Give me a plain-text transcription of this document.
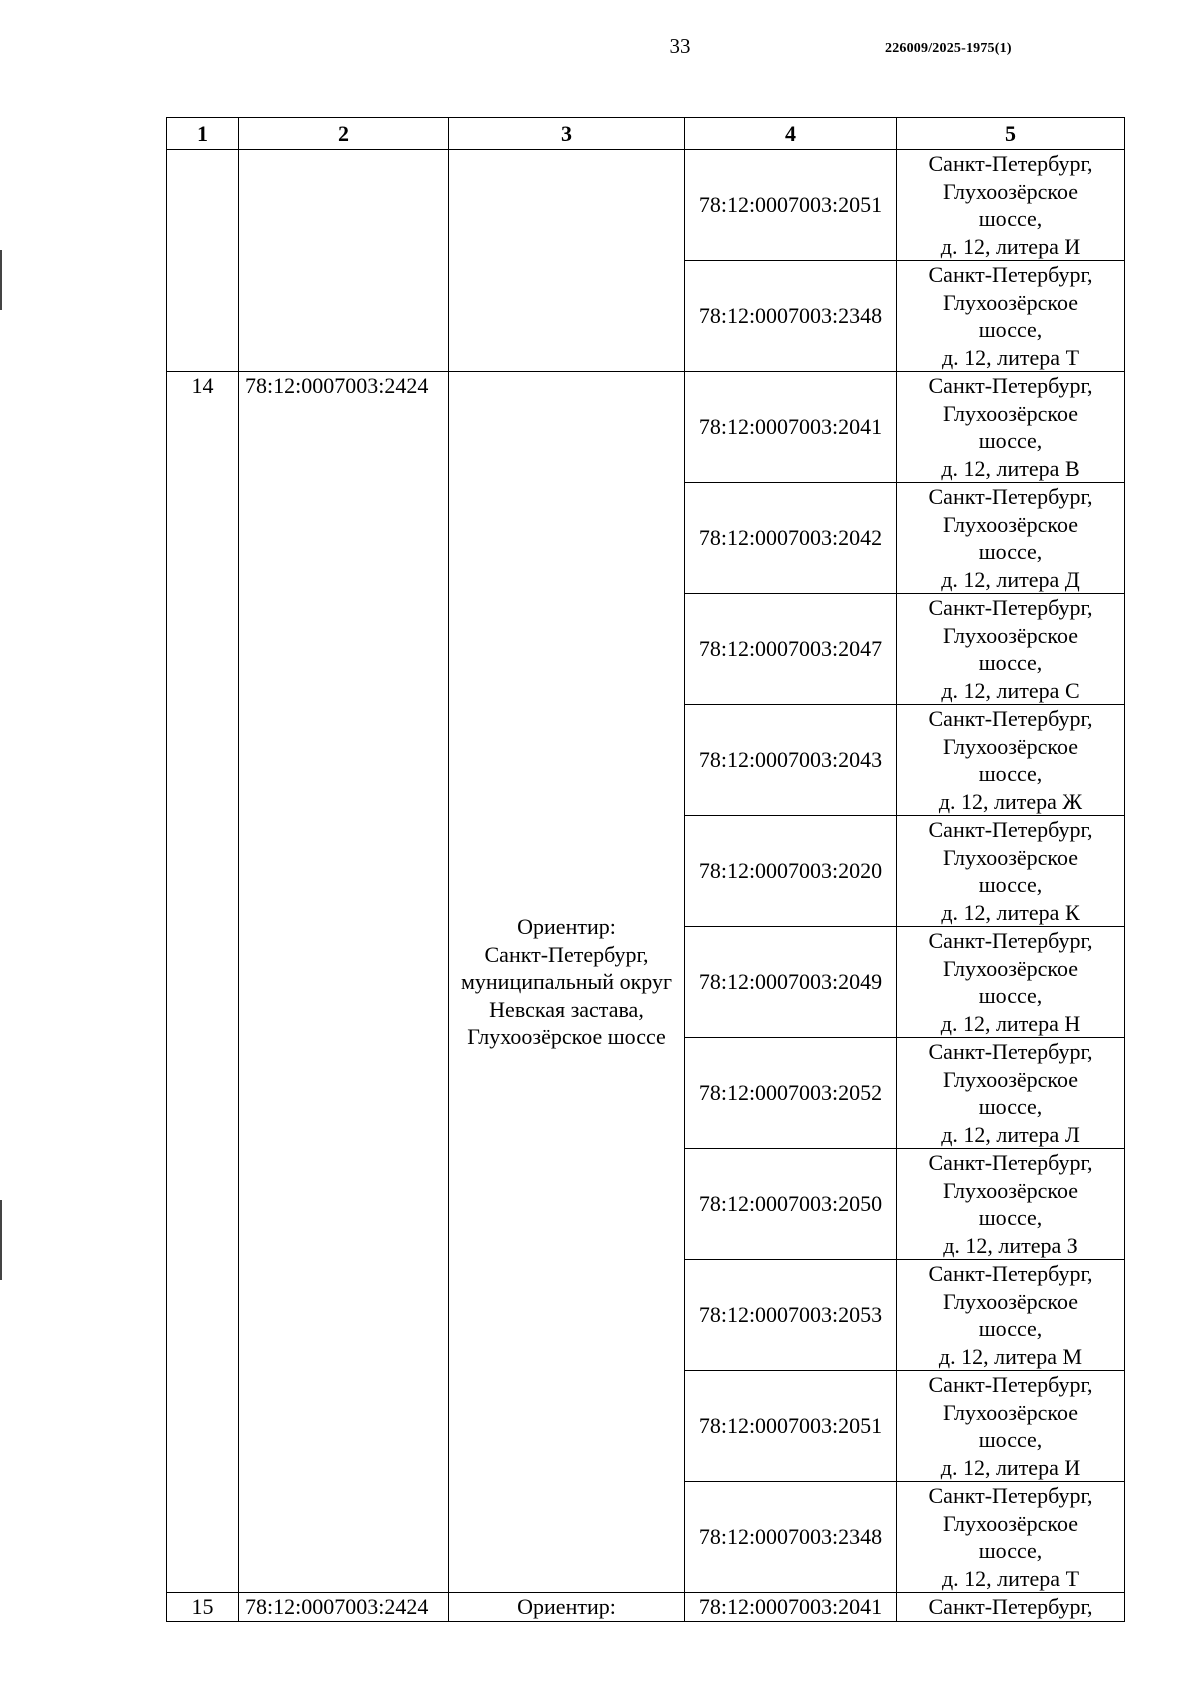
33	226009/2025-1975(1)
1	2	3	4	5
			78:12:0007003:2051	Санкт-Петербург,
Глухоозёрское
шоссе,
д. 12, литера И

			78:12:0007003:2348	Санкт-Петербург,
Глухоозёрское
шоссе,
д. 12, литера Т

14	78:12:0007003:2424	Ориентир:
Санкт-Петербург,
муниципальный округ
Невская застава,
Глухоозёрское шоссе	78:12:0007003:2041	Санкт-Петербург,
Глухоозёрское
шоссе,
д. 12, литера В

			78:12:0007003:2042	Санкт-Петербург,
Глухоозёрское
шоссе,
д. 12, литера Д

			78:12:0007003:2047	Санкт-Петербург,
Глухоозёрское
шоссе,
д. 12, литера С

			78:12:0007003:2043	Санкт-Петербург,
Глухоозёрское
шоссе,
д. 12, литера Ж

			78:12:0007003:2020	Санкт-Петербург,
Глухоозёрское
шоссе,
д. 12, литера К

			78:12:0007003:2049	Санкт-Петербург,
Глухоозёрское
шоссе,
д. 12, литера Н

			78:12:0007003:2052	Санкт-Петербург,
Глухоозёрское
шоссе,
д. 12, литера Л

			78:12:0007003:2050	Санкт-Петербург,
Глухоозёрское
шоссе,
д. 12, литера З

			78:12:0007003:2053	Санкт-Петербург,
Глухоозёрское
шоссе,
д. 12, литера М

			78:12:0007003:2051	Санкт-Петербург,
Глухоозёрское
шоссе,
д. 12, литера И

			78:12:0007003:2348	Санкт-Петербург,
Глухоозёрское
шоссе,
д. 12, литера Т

15	78:12:0007003:2424	Ориентир:	78:12:0007003:2041	Санкт-Петербург,
